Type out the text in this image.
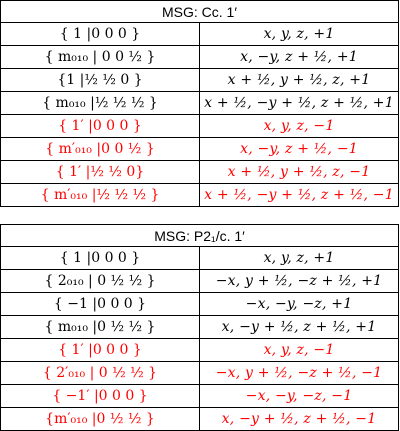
MSG: Cc. 1′	
{ 1 |0 0 0 }	x, y, z, +1
{ m₀₁₀ | 0 0 ½ }	x, −y, z + ½, +1
{1 |½ ½ 0 }	x + ½, y + ½, z, +1
{ m₀₁₀ |½ ½ ½ }	x + ½, −y + ½, z + ½, +1
{ 1′ |0 0 0 }	x, y, z, −1
{ m′₀₁₀ |0 0 ½ }	x, −y, z + ½, −1
{ 1′ |½ ½ 0}	x + ½, y + ½, z, −1
{ m′₀₁₀ |½ ½ ½ }	x + ½, −y + ½, z + ½, −1
MSG: P2₁/c. 1′	
{ 1 |0 0 0 }	x, y, z, +1
{ 2₀₁₀ | 0 ½ ½ }	−x, y + ½, −z + ½, +1
{ −1 |0 0 0 }	−x, −y, −z, +1
{ m₀₁₀ |0 ½ ½ }	x, −y + ½, z + ½, +1
{ 1′ |0 0 0 }	x, y, z, −1
{ 2′₀₁₀ | 0 ½ ½ }	−x, y + ½, −z + ½, −1
{ −1′ |0 0 0 }	−x, −y, −z, −1
{m′₀₁₀ |0 ½ ½ }	x, −y + ½, z + ½, −1
